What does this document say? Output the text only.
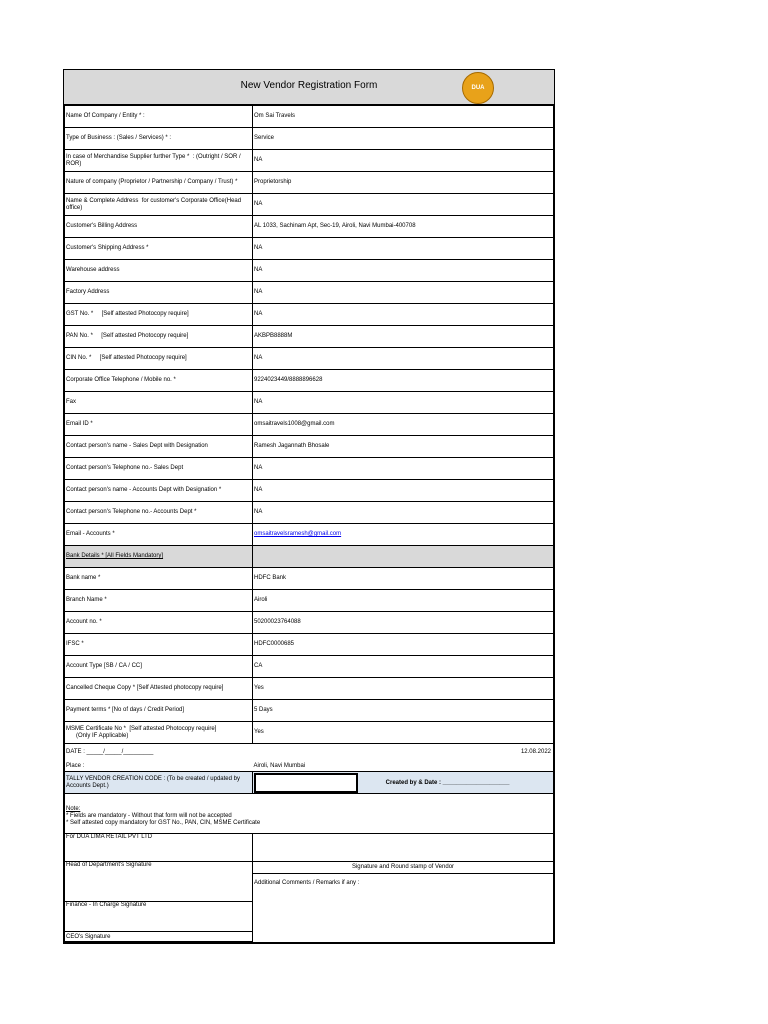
New Vendor Registration Form	DUA
Name Of Company / Entity * :	Om Sai Travels
Type of Business : (Sales / Services) * :	Service
In case of Merchandise Supplier further Type *  : (Outright / SOR / ROR)	NA
Nature of company (Proprietor / Partnership / Company / Trust) *	Proprietorship
Name & Complete Address  for customer's Corporate Office(Head office)	NA
Customer's Billing Address	AL 1033, Sachinam Apt, Sec-19, Airoli, Navi Mumbai-400708
Customer's Shipping Address *	NA
Warehouse address	NA
Factory Address	NA
GST No. *     [Self attested Photocopy require]	NA
PAN No. *     [Self attested Photocopy require]	AKBPB8888M
CIN No. *     [Self attested Photocopy require]	NA
Corporate Office Telephone / Mobile no. *	9224023449/8888896628
Fax	NA
Email ID *	omsaitravels1008@gmail.com
Contact person's name - Sales Dept with Designation	Ramesh Jagannath Bhosale
Contact person's Telephone no.- Sales Dept	NA
Contact person's name - Accounts Dept with Designation *	NA
Contact person's Telephone no.- Accounts Dept *	NA
Email - Accounts *	omsaitravelsramesh@gmail.com
Bank Details * [All Fields Mandatory]	
Bank name *	HDFC Bank
Branch Name *	Airoli
Account no. *	50200023764088
IFSC *	HDFC0000685
Account Type [SB / CA / CC]	CA
Cancelled Cheque Copy * [Self Attested photocopy require]	Yes
Payment terms * [No of days / Credit Period]	5 Days
MSME Certificate No *  [Self attested Photocopy require]
(Only IF Applicable)	Yes
DATE : _____/_____/_________ 12.08.2022	

Place :	Airoli, Navi Mumbai
TALLY VENDOR CREATION CODE : (To be created / updated by Accounts Dept.)	Created by & Date : ____________________

Note:
* Fields are mandatory - Without that form will not be accepted
* Self attested copy mandatory for GST No., PAN, CIN, MSME Certificate	

For DUA LIMA RETAIL PVT LTD	
Head of Department's Signature	Signature and Round stamp of Vendor
	Additional Comments / Remarks if any :
Finance - In Charge Signature	
CEO's Signature	
